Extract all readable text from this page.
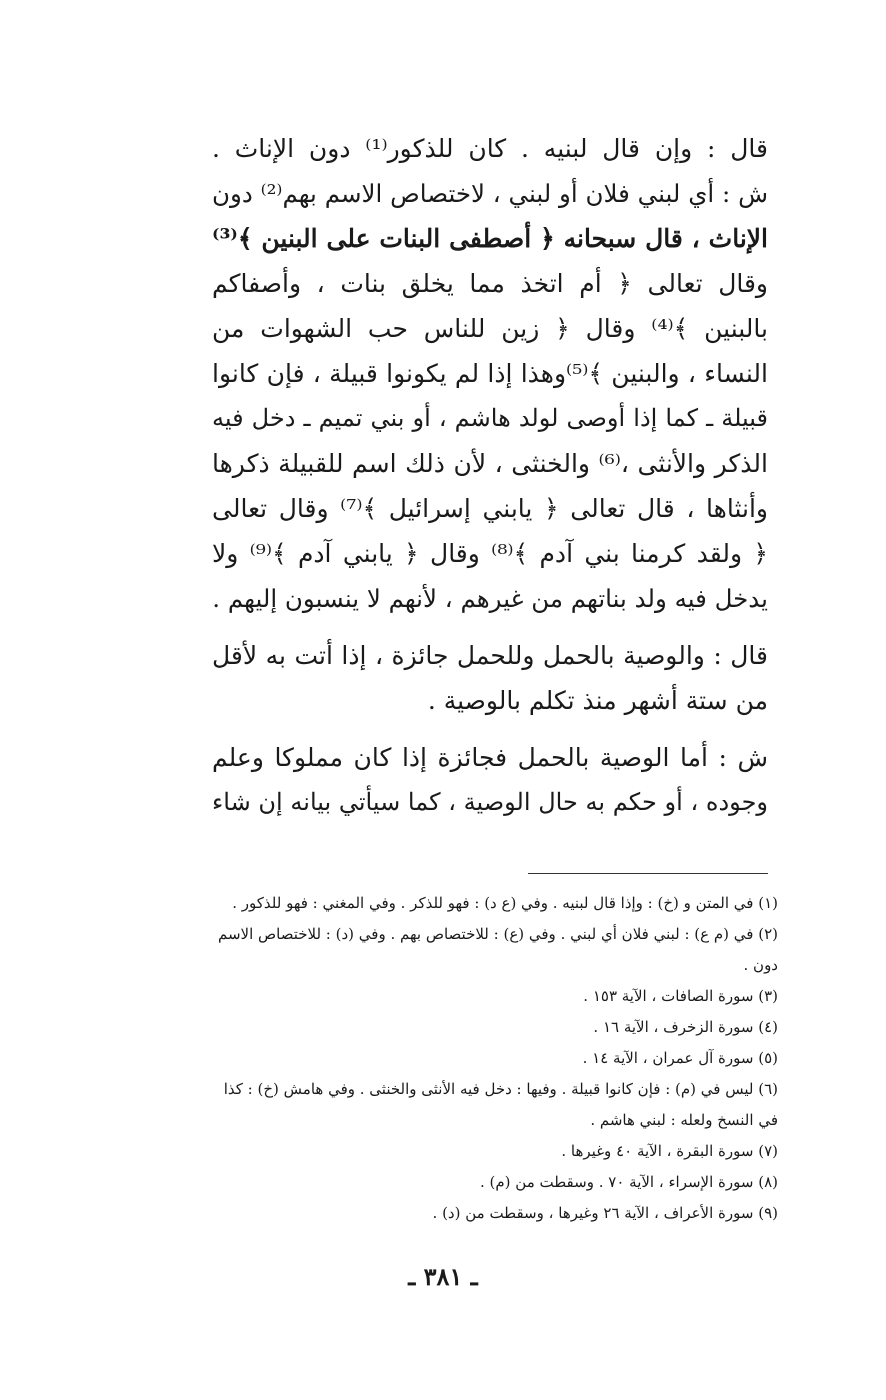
قال : وإن قال لبنيه . كان للذكور⁽¹⁾ دون الإناث .
ش : أي لبني فلان أو لبني ، لاختصاص الاسم بهم⁽²⁾ دون
الإناث ، قال سبحانه ﴿ أصطفى البنات على البنين ﴾⁽³⁾
وقال تعالى ﴿ أم اتخذ مما يخلق بنات ، وأصفاكم
بالبنين ﴾⁽⁴⁾ وقال ﴿ زين للناس حب الشهوات من
النساء ، والبنين ﴾⁽⁵⁾وهذا إذا لم يكونوا قبيلة ، فإن كانوا
قبيلة ـ كما إذا أوصى لولد هاشم ، أو بني تميم ـ دخل فيه
الذكر والأنثى ،⁽⁶⁾ والخنثى ، لأن ذلك اسم للقبيلة ذكرها
وأنثاها ، قال تعالى ﴿ يابني إسرائيل ﴾⁽⁷⁾ وقال تعالى
﴿ ولقد كرمنا بني آدم ﴾⁽⁸⁾ وقال ﴿ يابني آدم ﴾⁽⁹⁾ ولا
يدخل فيه ولد بناتهم من غيرهم ، لأنهم لا ينسبون إليهم .
قال : والوصية بالحمل وللحمل جائزة ، إذا أتت به لأقل
من ستة أشهر منذ تكلم بالوصية .
ش : أما الوصية بالحمل فجائزة إذا كان مملوكا وعلم
وجوده ، أو حكم به حال الوصية ، كما سيأتي بيانه إن شاء
(١) في المتن و (خ) : وإذا قال لبنيه . وفي (ع د) : فهو للذكر . وفي المغني : فهو للذكور .
(٢) في (م ع) : لبني فلان أي لبني . وفي (ع) : للاختصاص بهم . وفي (د) : للاختصاص الاسم
دون .
(٣) سورة الصافات ، الآية ١٥٣ .
(٤) سورة الزخرف ، الآية ١٦ .
(٥) سورة آل عمران ، الآية ١٤ .
(٦) ليس في (م) : فإن كانوا قبيلة . وفيها : دخل فيه الأنثى والخنثى . وفي هامش (خ) : كذا
في النسخ ولعله : لبني هاشم .
(٧) سورة البقرة ، الآية ٤٠ وغيرها .
(٨) سورة الإسراء ، الآية ٧٠ . وسقطت من (م) .
(٩) سورة الأعراف ، الآية ٢٦ وغيرها ، وسقطت من (د) .
ـ ٣٨١ ـ
